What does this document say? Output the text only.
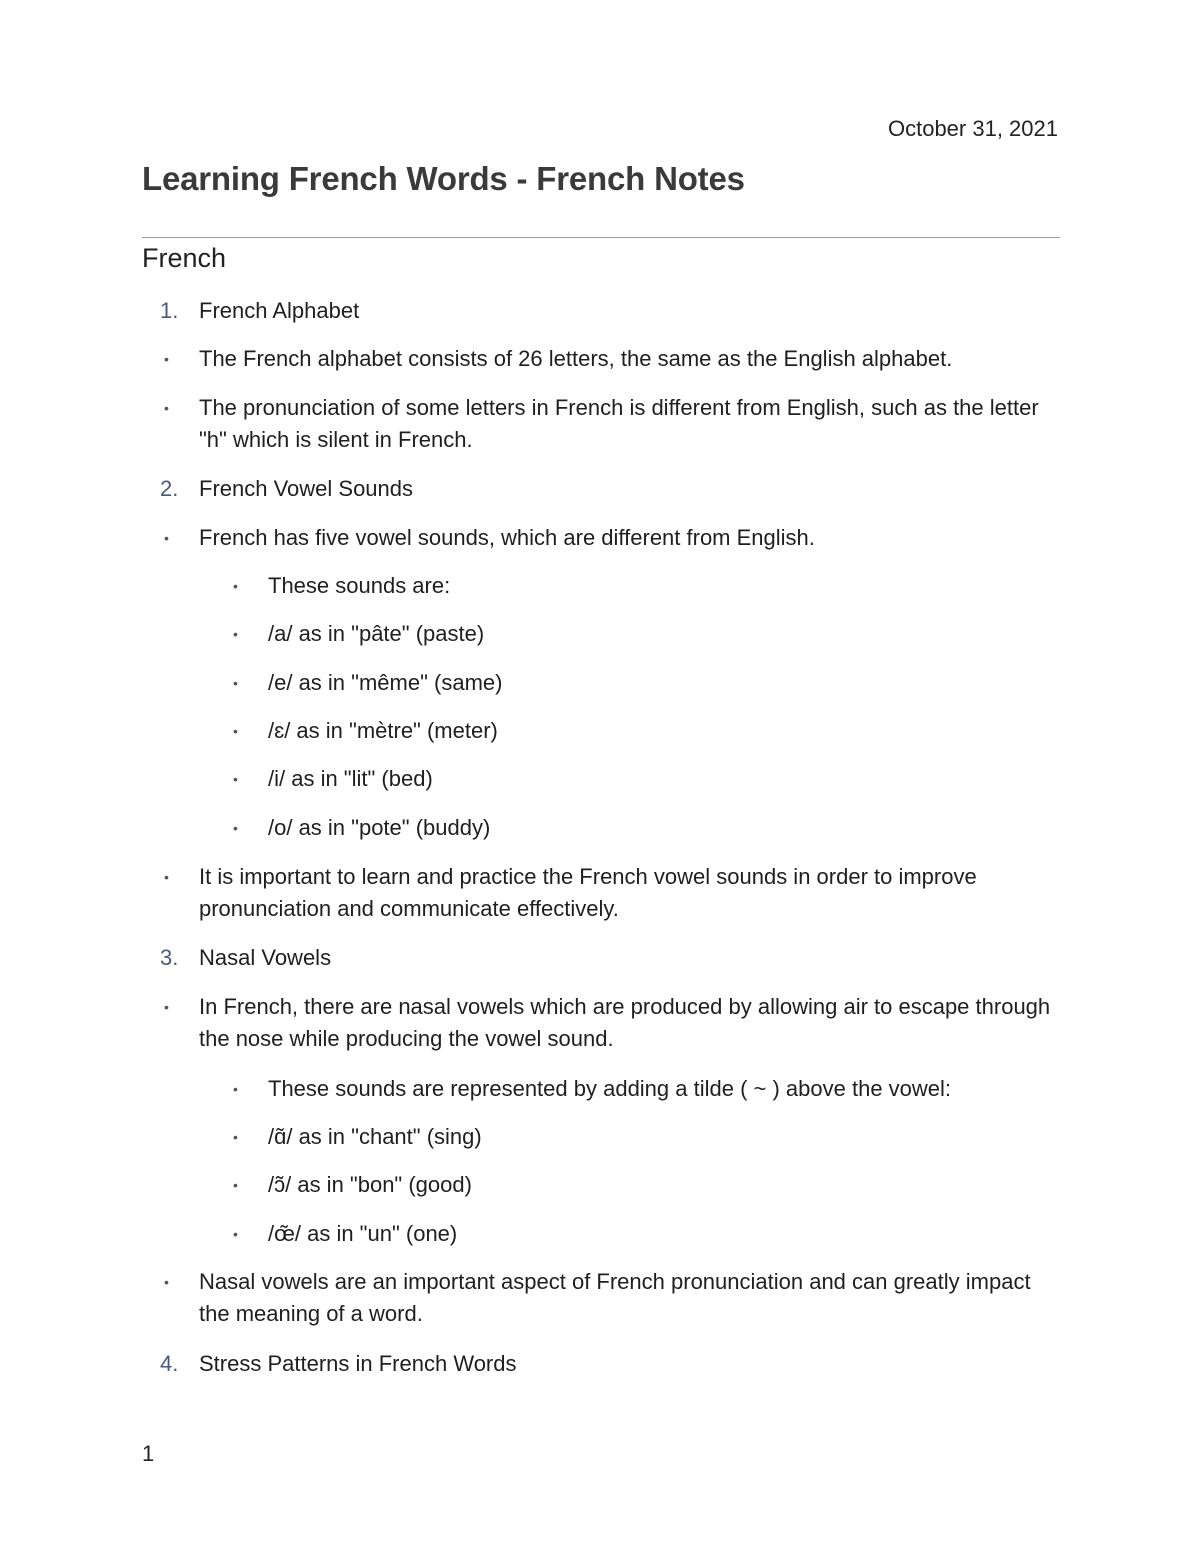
October 31, 2021
Learning French Words - French Notes
French
1. French Alphabet
• The French alphabet consists of 26 letters, the same as the English alphabet.
• The pronunciation of some letters in French is different from English, such as the letter "h" which is silent in French.
2. French Vowel Sounds
• French has five vowel sounds, which are different from English.
• These sounds are:
• /a/ as in "pâte" (paste)
• /e/ as in "même" (same)
• /ɛ/ as in "mètre" (meter)
• /i/ as in "lit" (bed)
• /o/ as in "pote" (buddy)
• It is important to learn and practice the French vowel sounds in order to improve pronunciation and communicate effectively.
3. Nasal Vowels
• In French, there are nasal vowels which are produced by allowing air to escape through the nose while producing the vowel sound.
• These sounds are represented by adding a tilde ( ~ ) above the vowel:
• /ɑ̃/ as in "chant" (sing)
• /ɔ̃/ as in "bon" (good)
• /œ̃/ as in "un" (one)
• Nasal vowels are an important aspect of French pronunciation and can greatly impact the meaning of a word.
4. Stress Patterns in French Words
1
